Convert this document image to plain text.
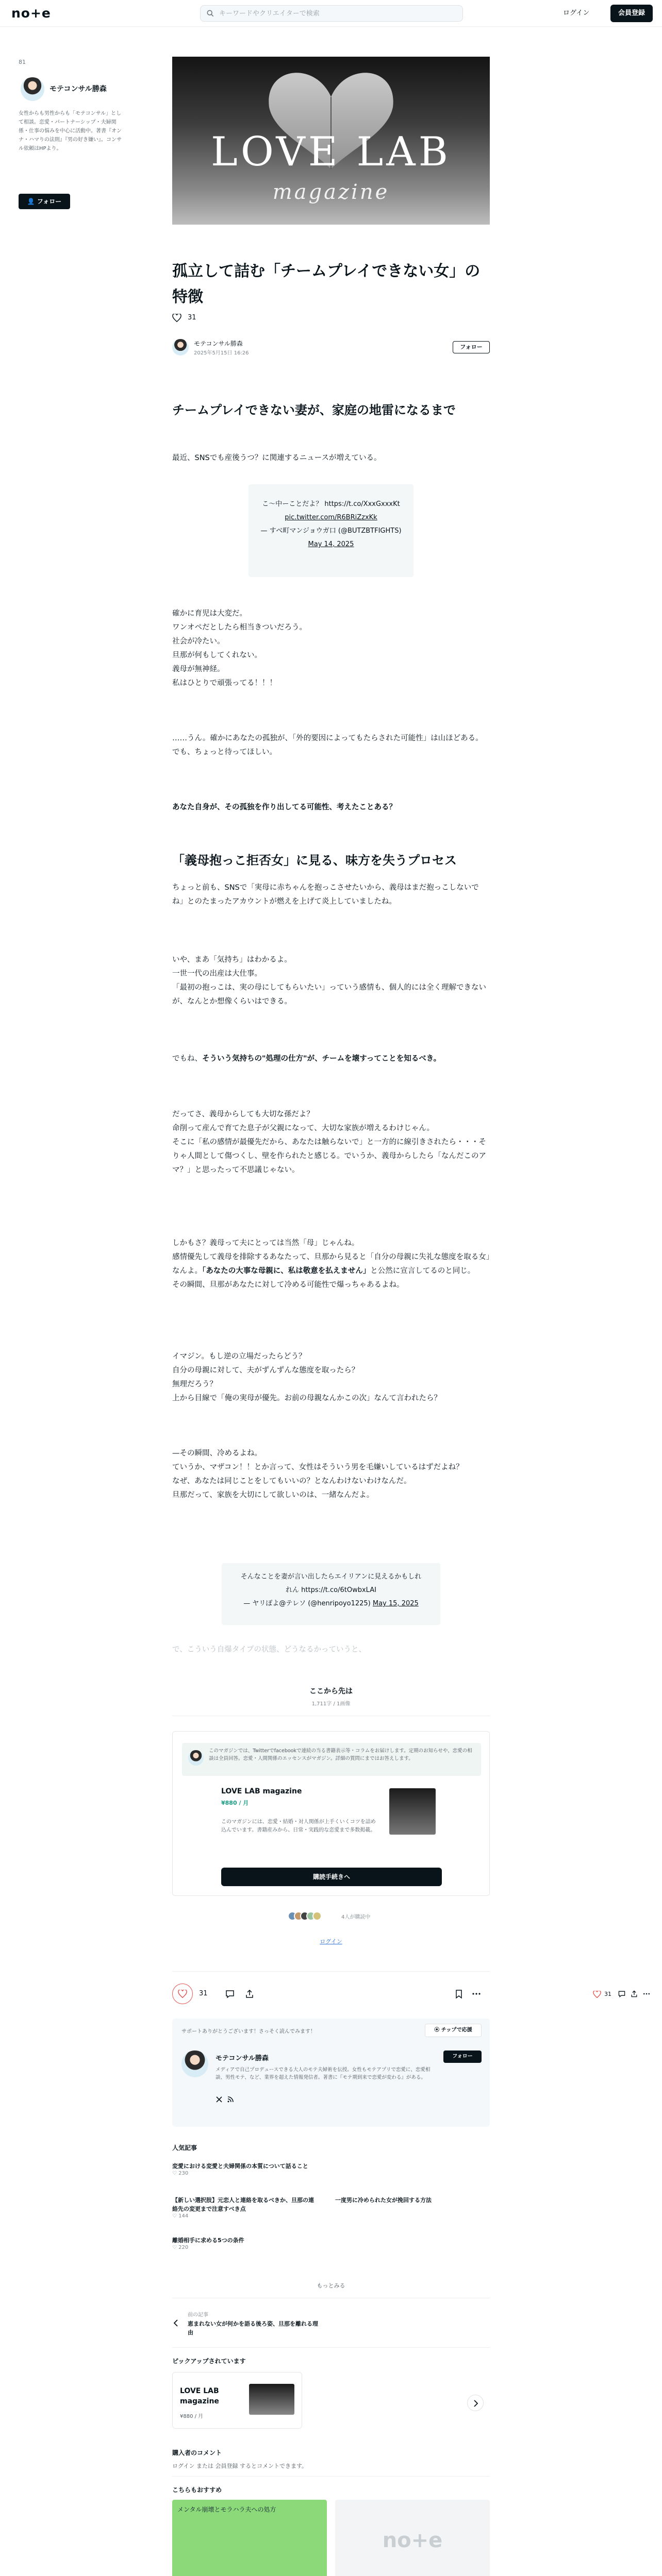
no+e
キーワードやクリエイターで検索	ログイン	会員登録
81
モテコンサル勝森
女性からも男性からも「モテコンサル」として相談。恋愛・パートナーシップ・夫婦関係・仕事の悩みを中心に活動中。著書『オンナ・ハマりの法則』『男の好き嫌い』。コンサル依頼はHPより。
👤 フォロー
LOVE LAB
magazine
孤立して詰む「チームプレイできない女」の特徴
31
モテコンサル勝森
2025年5月15日 16:26
フォロー
チームプレイできない妻が、家庭の地雷になるまで
最近、SNSでも産後うつ？に関連するニュースが増えている。
こ～中ーことだよ？ https://t.co/XxxGxxxKt
pic.twitter.com/R6BRiZzxKk
— すべ町マンジョウガ口 (@BUTZBTFIGHTS)
May 14, 2025
確かに育児は大変だ。
ワンオペだとしたら相当きついだろう。
社会が冷たい。
旦那が何もしてくれない。
義母が無神経。
私はひとりで頑張ってる！！！
……うん。確かにあなたの孤独が、「外的要因によってもたらされた可能性」は山ほどある。
でも、ちょっと待ってほしい。
あなた自身が、その孤独を作り出してる可能性、考えたことある？
「義母抱っこ拒否女」に見る、味方を失うプロセス
ちょっと前も、SNSで「実母に赤ちゃんを抱っこさせたいから、義母はまだ抱っこしないでね」とのたまったアカウントが燃えを上げて炎上していましたね。
いや、まあ「気持ち」はわかるよ。
一世一代の出産は大仕事。
「最初の抱っこは、実の母にしてもらいたい」っていう感情も、個人的には全く理解できないが、なんとか想像くらいはできる。
でもね、そういう気持ちの"処理の仕方"が、チームを壊すってことを知るべき。
だってさ、義母からしても大切な孫だよ？
命削って産んで育てた息子が父親になって、大切な家族が増えるわけじゃん。
そこに「私の感情が最優先だから、あなたは触らないで」と一方的に線引きされたら・・・そりゃ人間として傷つくし、壁を作られたと感じる。でいうか、義母からしたら「なんだこのアマ？」と思ったって不思議じゃない。
しかもさ？義母って夫にとっては当然「母」じゃんね。
感情優先して義母を排除するあなたって、旦那から見ると「自分の母親に失礼な態度を取る女」なんよ。「あなたの大事な母親に、私は敬意を払えません」と公然に宣言してるのと同じ。
その瞬間、旦那があなたに対して冷める可能性で爆っちゃあるよね。
イマジン。もし逆の立場だったらどう？
自分の母親に対して、夫がずんずんな態度を取ったら？
無理だろう？
上から目線で「俺の実母が優先。お前の母親なんかこの次」なんて言われたら？
—その瞬間、冷めるよね。
ていうか、マザコン！！とか言って、女性はそういう男を毛嫌いしているはずだよね？
なぜ、あなたは同じことをしてもいいの？となんわけないわけなんだ。
旦那だって、家族を大切にして欲しいのは、一緒なんだよ。
そんなことを妻が言い出したらエイリアンに見えるかもしれ
れん https://t.co/6tOwbxLAI
— ヤリぽよ@テレソ (@henripoyo1225) May 15, 2025
で、こういう自爆タイプの状態、どうなるかっていうと、
ここから先は
1,711字 / 1画像
このマガジンでは、Twitterでfacebookで連続の当る書籍表示等・コラムをお届けします。定期のお知らせや、恋愛の相談は全員回答。恋愛・人間関係のエッセンスがマガジン。詳細の質問にまではお答えします。
LOVE LAB magazine
¥880 / 月
このマガジンには、恋愛・結婚・対人関係が上手くいくコツを詰め込んでいます。書籍産みから、日常・実践的な恋愛まで多数掲載。
購読手続きへ
4人が購読中
ログイン
31	31
サポートありがとうございます！さっそく読んでみます！	⦿ チップで応援
モテコンサル勝森	フォロー
メディアで自己プロデュースできる大人のモテ夫婦術を伝授。女性もモテアプリで恋愛に、恋愛相談、男性モテ、など、業界を超えた情報発信者。著書に『モテ期到来で恋愛が変わる』がある。
人気記事
変愛における変愛と夫婦関係の本質について話ること
♡ 230
【新しい選択肢】元恋人と連絡を取るべきか、旦那の連絡先の変更まで注意すべき点
♡ 144
一度男に冷められた女が挽回する方法
離婚相手に求める5つの条件
♡ 220
もっとみる
前の記事
恵まれない女が何かを語る後ろ姿、旦那を離れる理由
ピックアップされています
LOVE LAB magazine
¥880 / 月
購入者のコメント
ログイン または 会員登録 するとコメントできます。
こちらもおすすめ
メンタル崩壊とモラハラ夫への処方
no+e
